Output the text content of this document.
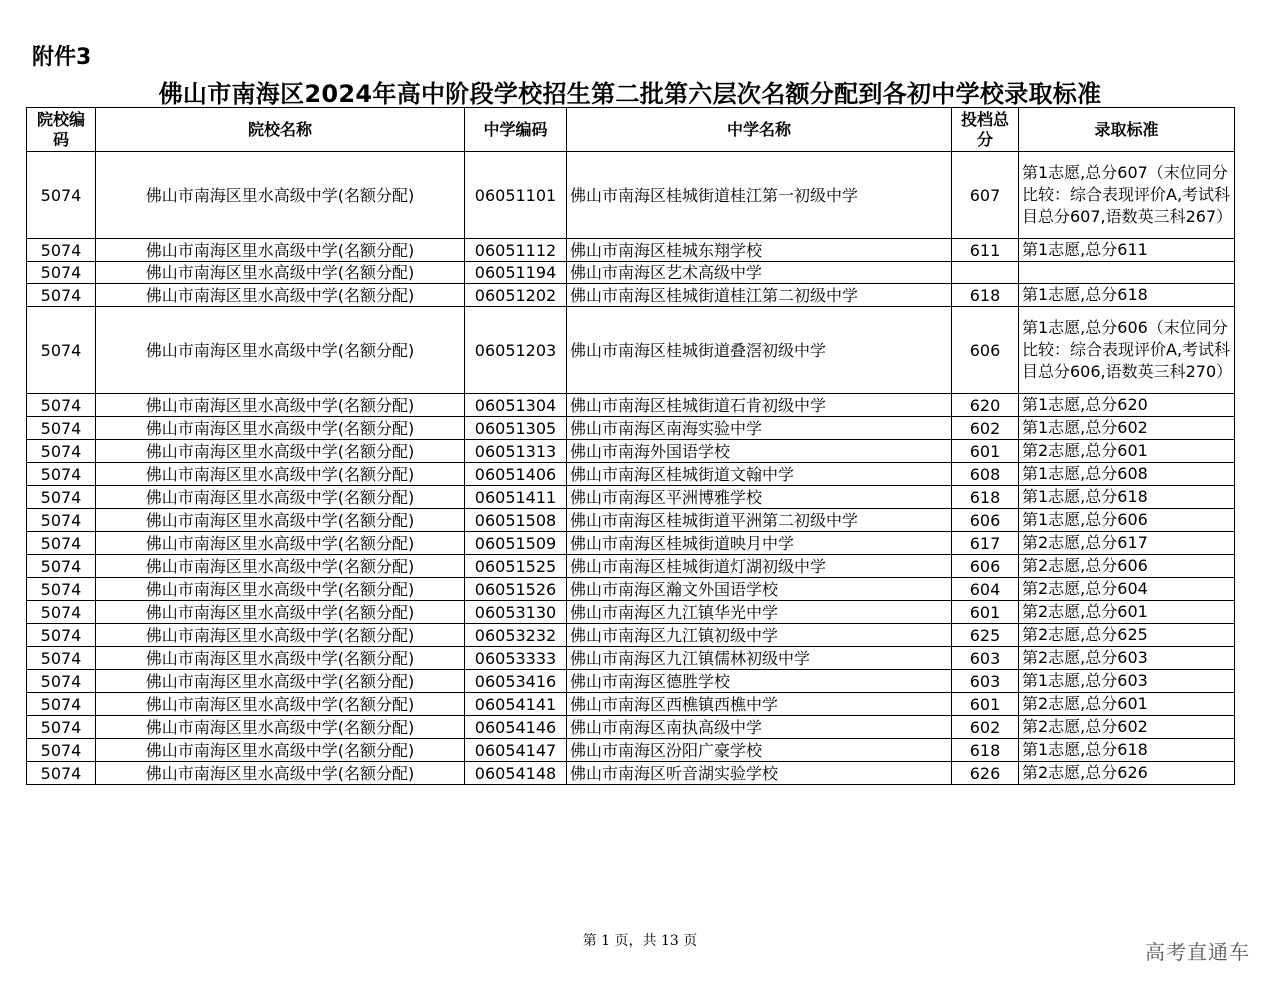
附件3
佛山市南海区2024年高中阶段学校招生第二批第六层次名额分配到各初中学校录取标准
院校编码	院校名称	中学编码	中学名称	投档总分	录取标准
5074	佛山市南海区里水高级中学(名额分配)	06051101	佛山市南海区桂城街道桂江第一初级中学	607	第1志愿,总分607（末位同分比较：综合表现评价A,考试科目总分607,语数英三科267）
5074	佛山市南海区里水高级中学(名额分配)	06051112	佛山市南海区桂城东翔学校	611	第1志愿,总分611
5074	佛山市南海区里水高级中学(名额分配)	06051194	佛山市南海区艺术高级中学		
5074	佛山市南海区里水高级中学(名额分配)	06051202	佛山市南海区桂城街道桂江第二初级中学	618	第1志愿,总分618
5074	佛山市南海区里水高级中学(名额分配)	06051203	佛山市南海区桂城街道叠滘初级中学	606	第1志愿,总分606（末位同分比较：综合表现评价A,考试科目总分606,语数英三科270）
5074	佛山市南海区里水高级中学(名额分配)	06051304	佛山市南海区桂城街道石肯初级中学	620	第1志愿,总分620
5074	佛山市南海区里水高级中学(名额分配)	06051305	佛山市南海区南海实验中学	602	第1志愿,总分602
5074	佛山市南海区里水高级中学(名额分配)	06051313	佛山市南海外国语学校	601	第2志愿,总分601
5074	佛山市南海区里水高级中学(名额分配)	06051406	佛山市南海区桂城街道文翰中学	608	第1志愿,总分608
5074	佛山市南海区里水高级中学(名额分配)	06051411	佛山市南海区平洲博雅学校	618	第1志愿,总分618
5074	佛山市南海区里水高级中学(名额分配)	06051508	佛山市南海区桂城街道平洲第二初级中学	606	第1志愿,总分606
5074	佛山市南海区里水高级中学(名额分配)	06051509	佛山市南海区桂城街道映月中学	617	第2志愿,总分617
5074	佛山市南海区里水高级中学(名额分配)	06051525	佛山市南海区桂城街道灯湖初级中学	606	第2志愿,总分606
5074	佛山市南海区里水高级中学(名额分配)	06051526	佛山市南海区瀚文外国语学校	604	第2志愿,总分604
5074	佛山市南海区里水高级中学(名额分配)	06053130	佛山市南海区九江镇华光中学	601	第2志愿,总分601
5074	佛山市南海区里水高级中学(名额分配)	06053232	佛山市南海区九江镇初级中学	625	第2志愿,总分625
5074	佛山市南海区里水高级中学(名额分配)	06053333	佛山市南海区九江镇儒林初级中学	603	第2志愿,总分603
5074	佛山市南海区里水高级中学(名额分配)	06053416	佛山市南海区德胜学校	603	第1志愿,总分603
5074	佛山市南海区里水高级中学(名额分配)	06054141	佛山市南海区西樵镇西樵中学	601	第2志愿,总分601
5074	佛山市南海区里水高级中学(名额分配)	06054146	佛山市南海区南执高级中学	602	第2志愿,总分602
5074	佛山市南海区里水高级中学(名额分配)	06054147	佛山市南海区汾阳广豪学校	618	第1志愿,总分618
5074	佛山市南海区里水高级中学(名额分配)	06054148	佛山市南海区听音湖实验学校	626	第2志愿,总分626
第 1 页，共 13 页	高考直通车
